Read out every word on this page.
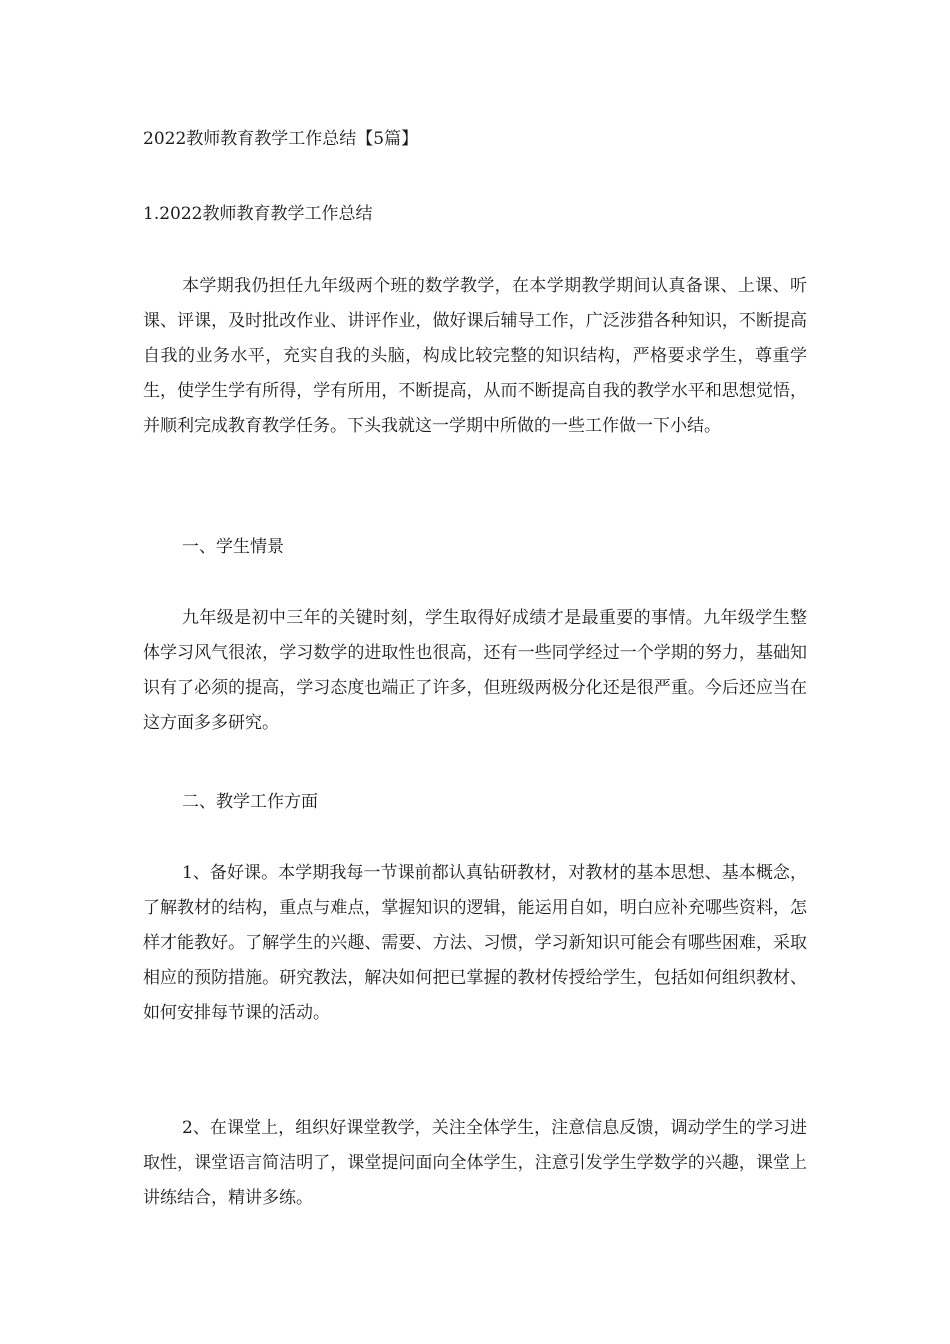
2022教师教育教学工作总结【5篇】
1.2022教师教育教学工作总结

本学期我仍担任九年级两个班的数学教学，在本学期教学期间认真备课、上课、听课、评课，及时批改作业、讲评作业，做好课后辅导工作，广泛涉猎各种知识，不断提高自我的业务水平，充实自我的头脑，构成比较完整的知识结构，严格要求学生，尊重学生，使学生学有所得，学有所用，不断提高，从而不断提高自我的教学水平和思想觉悟，并顺利完成教育教学任务。下头我就这一学期中所做的一些工作做一下小结。

一、学生情景

九年级是初中三年的关键时刻，学生取得好成绩才是最重要的事情。九年级学生整体学习风气很浓，学习数学的进取性也很高，还有一些同学经过一个学期的努力，基础知识有了必须的提高，学习态度也端正了许多，但班级两极分化还是很严重。今后还应当在这方面多多研究。

二、教学工作方面

1、备好课。本学期我每一节课前都认真钻研教材，对教材的基本思想、基本概念，了解教材的结构，重点与难点，掌握知识的逻辑，能运用自如，明白应补充哪些资料，怎样才能教好。了解学生的兴趣、需要、方法、习惯，学习新知识可能会有哪些困难，采取相应的预防措施。研究教法，解决如何把已掌握的教材传授给学生，包括如何组织教材、如何安排每节课的活动。

2、在课堂上，组织好课堂教学，关注全体学生，注意信息反馈，调动学生的学习进取性，课堂语言简洁明了，课堂提问面向全体学生，注意引发学生学数学的兴趣，课堂上讲练结合，精讲多练。
